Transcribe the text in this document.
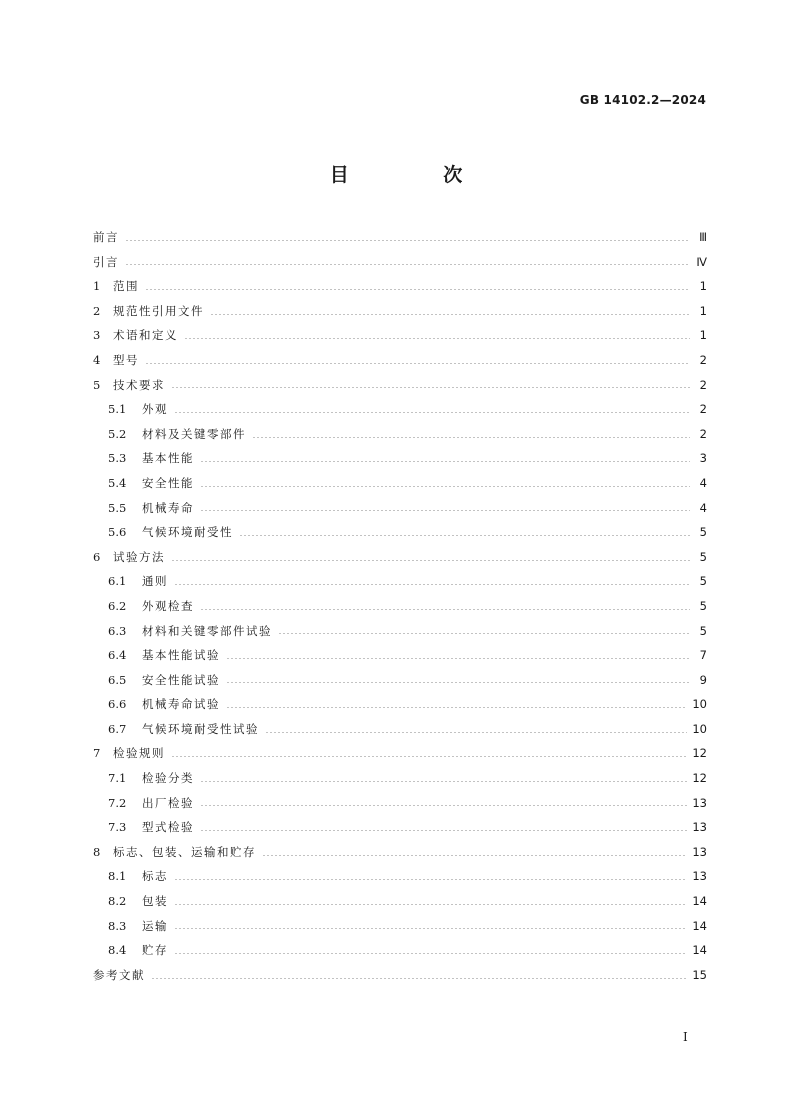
GB 14102.2—2024
目 次
前言	Ⅲ
引言	Ⅳ
1	范围	1
2	规范性引用文件	1
3	术语和定义	1
4	型号	2
5	技术要求	2
5.1	外观	2
5.2	材料及关键零部件	2
5.3	基本性能	3
5.4	安全性能	4
5.5	机械寿命	4
5.6	气候环境耐受性	5
6	试验方法	5
6.1	通则	5
6.2	外观检查	5
6.3	材料和关键零部件试验	5
6.4	基本性能试验	7
6.5	安全性能试验	9
6.6	机械寿命试验	10
6.7	气候环境耐受性试验	10
7	检验规则	12
7.1	检验分类	12
7.2	出厂检验	13
7.3	型式检验	13
8	标志、包装、运输和贮存	13
8.1	标志	13
8.2	包装	14
8.3	运输	14
8.4	贮存	14
参考文献	15
I
